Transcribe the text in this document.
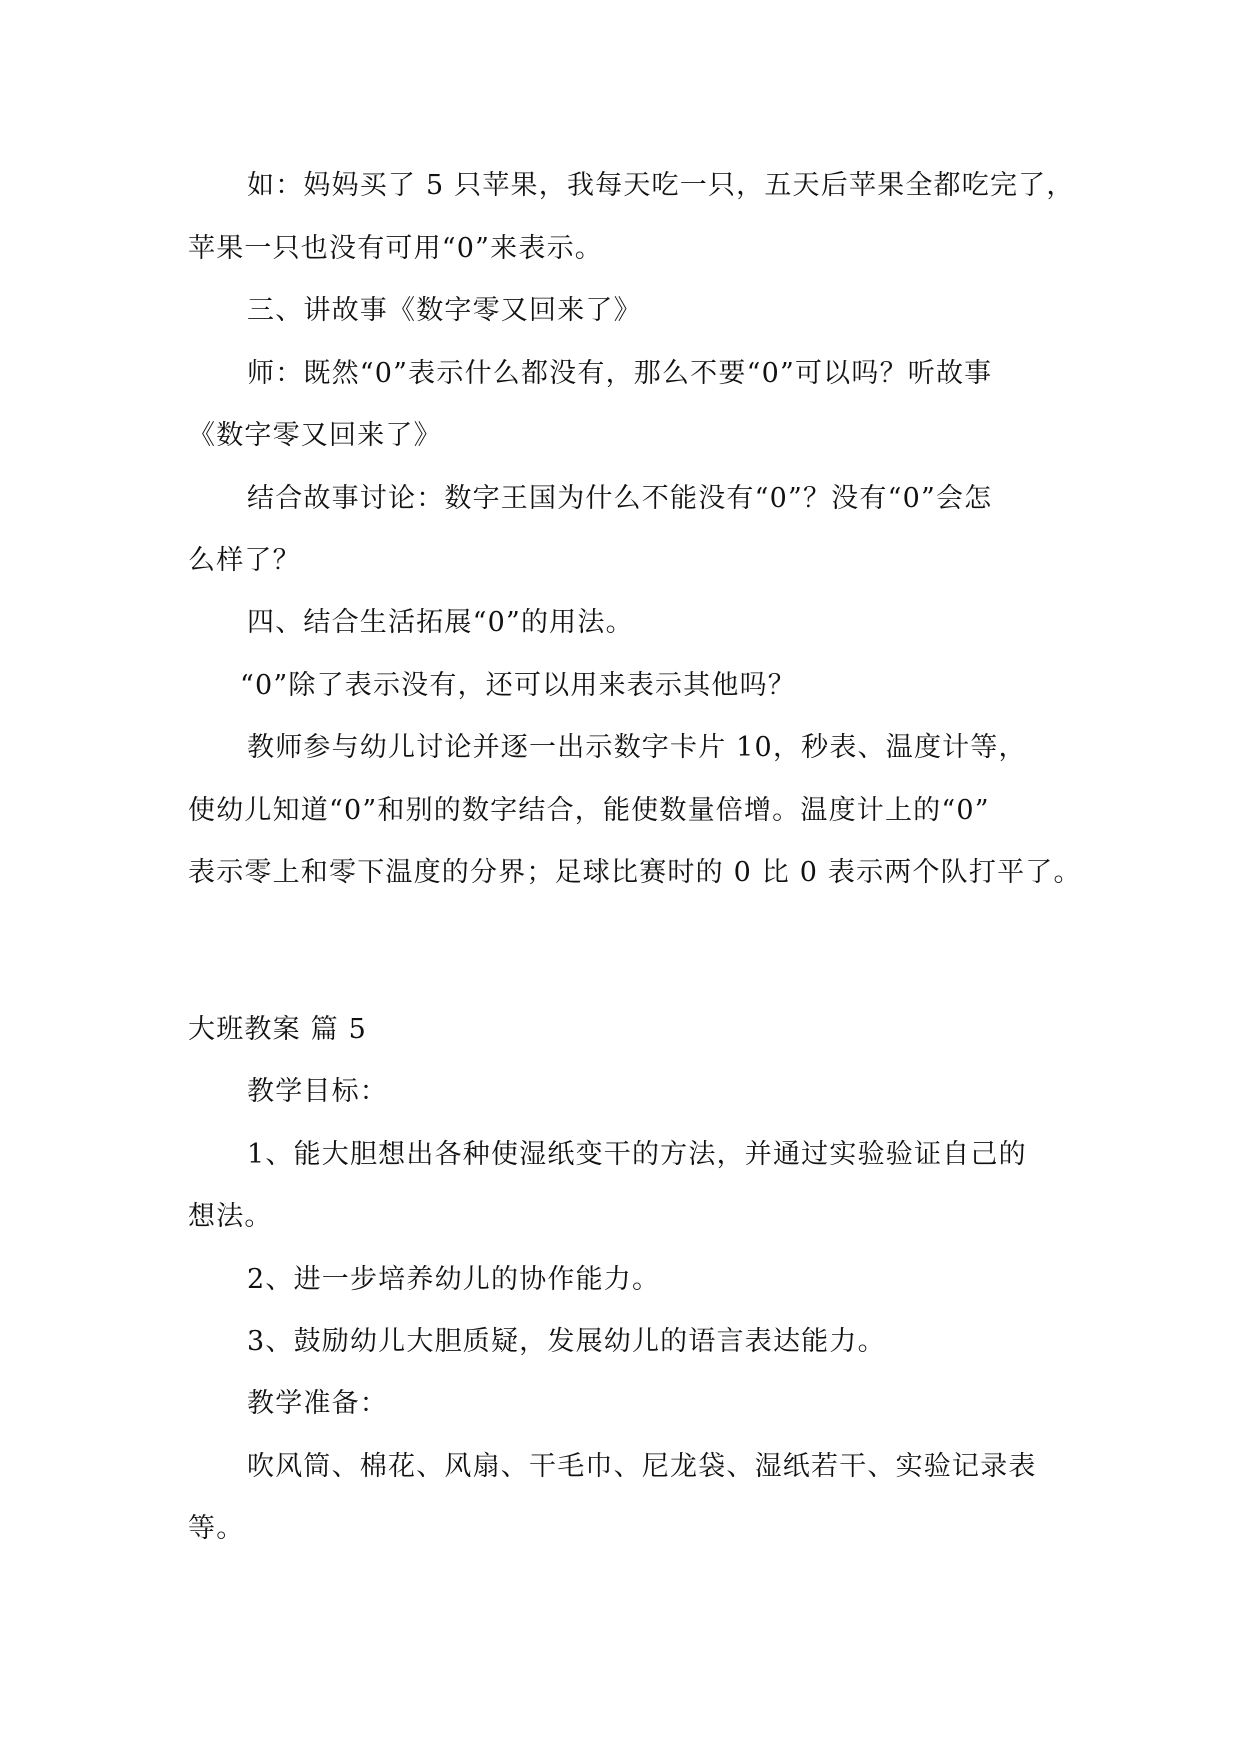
如：妈妈买了 5 只苹果，我每天吃一只，五天后苹果全都吃完了，
苹果一只也没有可用“0”来表示。
三、讲故事《数字零又回来了》
师：既然“0”表示什么都没有，那么不要“0”可以吗？听故事
《数字零又回来了》
结合故事讨论：数字王国为什么不能没有“0”？没有“0”会怎
么样了？
四、结合生活拓展“0”的用法。
“0”除了表示没有，还可以用来表示其他吗？
教师参与幼儿讨论并逐一出示数字卡片 10，秒表、温度计等，
使幼儿知道“0”和别的数字结合，能使数量倍增。温度计上的“0”
表示零上和零下温度的分界；足球比赛时的 0 比 0 表示两个队打平了。
大班教案 篇 5
教学目标：
1、能大胆想出各种使湿纸变干的方法，并通过实验验证自己的
想法。
2、进一步培养幼儿的协作能力。
3、鼓励幼儿大胆质疑，发展幼儿的语言表达能力。
教学准备：
吹风筒、棉花、风扇、干毛巾、尼龙袋、湿纸若干、实验记录表
等。
